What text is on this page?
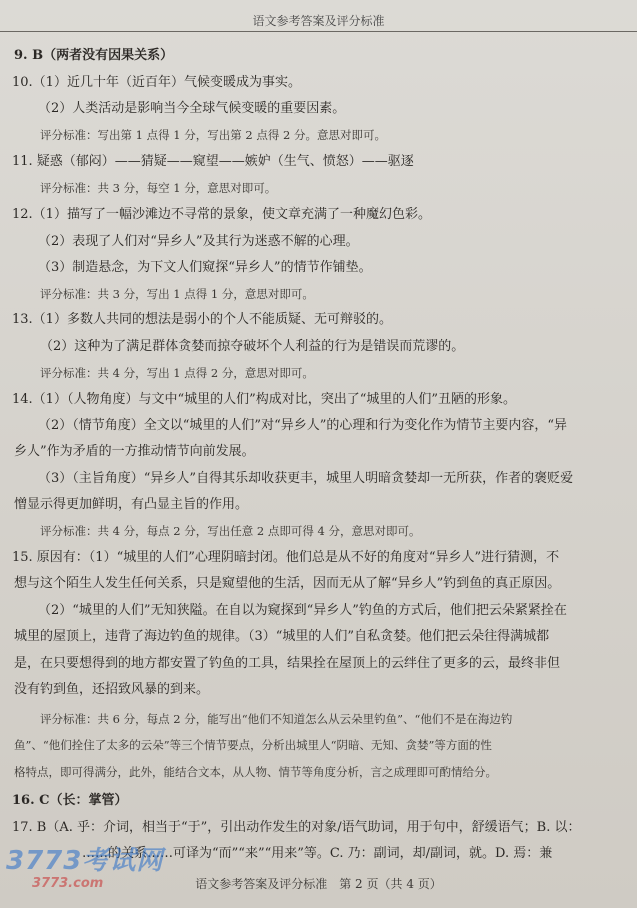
语文参考答案及评分标准
9. B（两者没有因果关系）
10.（1）近几十年（近百年）气候变暖成为事实。
（2）人类活动是影响当今全球气候变暖的重要因素。
评分标准：写出第 1 点得 1 分，写出第 2 点得 2 分。意思对即可。
11. 疑惑（郁闷）——猜疑——窥望——嫉妒（生气、愤怒）——驱逐
评分标准：共 3 分，每空 1 分，意思对即可。
12.（1）描写了一幅沙滩边不寻常的景象，使文章充满了一种魔幻色彩。
（2）表现了人们对“异乡人”及其行为迷惑不解的心理。
（3）制造悬念，为下文人们窥探“异乡人”的情节作铺垫。
评分标准：共 3 分，写出 1 点得 1 分，意思对即可。
13.（1）多数人共同的想法是弱小的个人不能质疑、无可辩驳的。
（2）这种为了满足群体贪婪而掠夺破坏个人利益的行为是错误而荒谬的。
评分标准：共 4 分，写出 1 点得 2 分，意思对即可。
14.（1）（人物角度）与文中“城里的人们”构成对比，突出了“城里的人们”丑陋的形象。
（2）（情节角度）全文以“城里的人们”对“异乡人”的心理和行为变化作为情节主要内容，“异
乡人”作为矛盾的一方推动情节向前发展。
（3）（主旨角度）“异乡人”自得其乐却收获更丰，城里人明暗贪婪却一无所获，作者的褒贬爱
憎显示得更加鲜明，有凸显主旨的作用。
评分标准：共 4 分，每点 2 分，写出任意 2 点即可得 4 分，意思对即可。
15. 原因有：（1）“城里的人们”心理阴暗封闭。他们总是从不好的角度对“异乡人”进行猜测，不
想与这个陌生人发生任何关系，只是窥望他的生活，因而无从了解“异乡人”钓到鱼的真正原因。
（2）“城里的人们”无知狭隘。在自以为窥探到“异乡人”钓鱼的方式后，他们把云朵紧紧拴在
城里的屋顶上，违背了海边钓鱼的规律。（3）“城里的人们”自私贪婪。他们把云朵往得满城都
是，在只要想得到的地方都安置了钓鱼的工具，结果拴在屋顶上的云绊住了更多的云，最终非但
没有钓到鱼，还招致风暴的到来。
评分标准：共 6 分，每点 2 分，能写出“他们不知道怎么从云朵里钓鱼”、“他们不是在海边钓
鱼”、“他们拴住了太多的云朵”等三个情节要点，分析出城里人“阴暗、无知、贪婪”等方面的性
格特点，即可得满分，此外，能结合文本，从人物、情节等角度分析，言之成理即可酌情给分。
16. C（长：掌管）
17. B（A. 乎：介词，相当于“于”，引出动作发生的对象/语气助词，用于句中，舒缓语气；B. 以：
……的关系……可译为“而”“来”“用来”等。C. 乃：副词，却/副词，就。D. 焉：兼
3773考试网
3773.com	语文参考答案及评分标准　第 2 页（共 4 页）
